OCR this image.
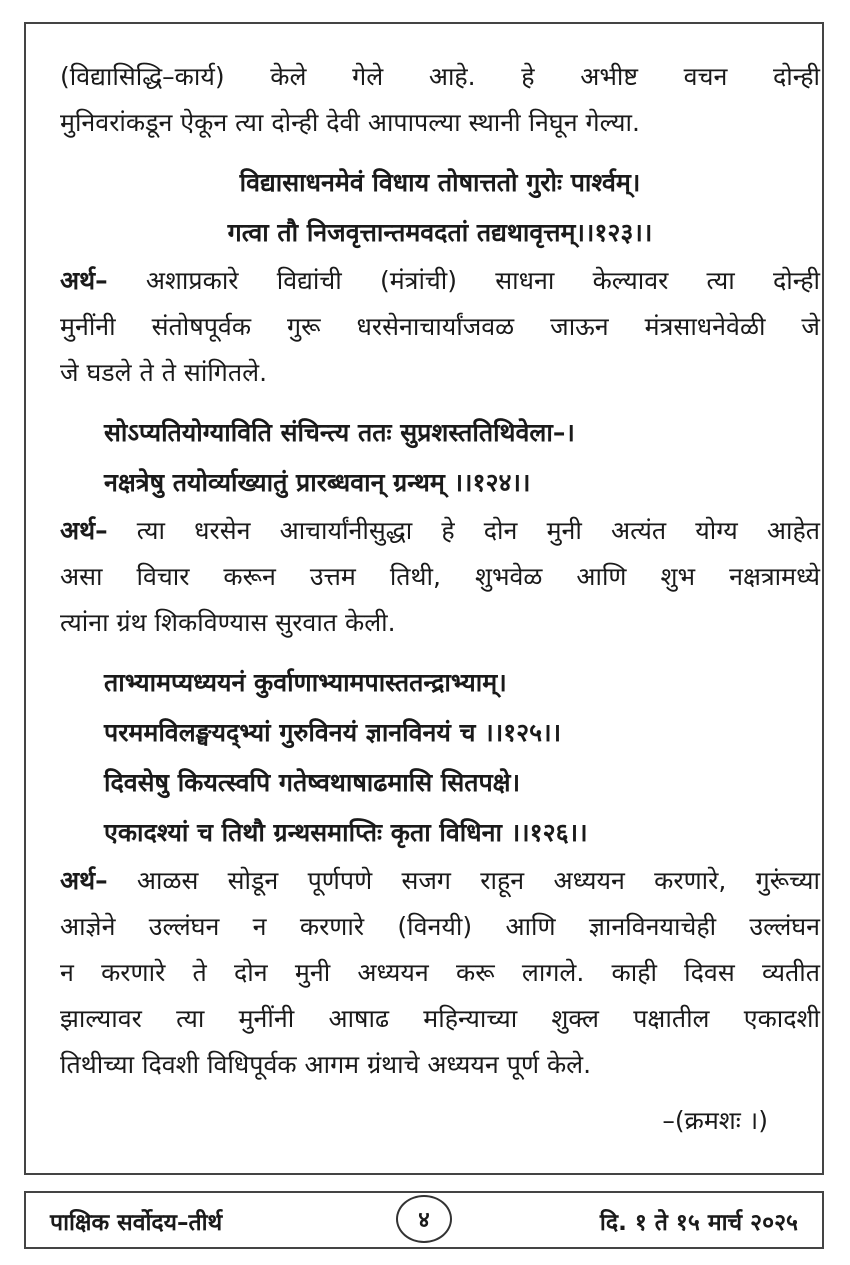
(विद्यासिद्धि–कार्य) केले गेले आहे. हे अभीष्ट वचन दोन्ही

मुनिवरांकडून ऐकून त्या दोन्ही देवी आपापल्या स्थानी निघून गेल्या.

विद्यासाधनमेवं विधाय तोषात्ततो गुरोः पार्श्वम्।

गत्वा तौ निजवृत्तान्तमवदतां तद्यथावृत्तम्।।१२३।।

अर्थ– अशाप्रकारे विद्यांची (मंत्रांची) साधना केल्यावर त्या दोन्ही

मुनींनी संतोषपूर्वक गुरू धरसेनाचार्यांजवळ जाऊन मंत्रसाधनेवेळी जे

जे घडले ते ते सांगितले.

सोऽप्यतियोग्याविति संचिन्त्य ततः सुप्रशस्ततिथिवेला–।

नक्षत्रेषु तयोर्व्याख्यातुं प्रारब्धवान् ग्रन्थम् ।।१२४।।

अर्थ– त्या धरसेन आचार्यांनीसुद्धा हे दोन मुनी अत्यंत योग्य आहेत

असा विचार करून उत्तम तिथी, शुभवेळ आणि शुभ नक्षत्रामध्ये

त्यांना ग्रंथ शिकविण्यास सुरवात केली.

ताभ्यामप्यध्ययनं कुर्वाणाभ्यामपास्ततन्द्राभ्याम्।

परममविलङ्घयद्भ्यां गुरुविनयं ज्ञानविनयं च ।।१२५।।

दिवसेषु कियत्स्वपि गतेष्वथाषाढमासि सितपक्षे।

एकादश्यां च तिथौ ग्रन्थसमाप्तिः कृता विधिना ।।१२६।।

अर्थ– आळस सोडून पूर्णपणे सजग राहून अध्ययन करणारे, गुरूंच्या

आज्ञेने उल्लंघन न करणारे (विनयी) आणि ज्ञानविनयाचेही उल्लंघन

न करणारे ते दोन मुनी अध्ययन करू लागले. काही दिवस व्यतीत

झाल्यावर त्या मुनींनी आषाढ महिन्याच्या शुक्ल पक्षातील एकादशी

तिथीच्या दिवशी विधिपूर्वक आगम ग्रंथाचे अध्ययन पूर्ण केले.

–(क्रमशः ।)

पाक्षिक सर्वोदय–तीर्थ	४	दि. १ ते १५ मार्च २०२५
